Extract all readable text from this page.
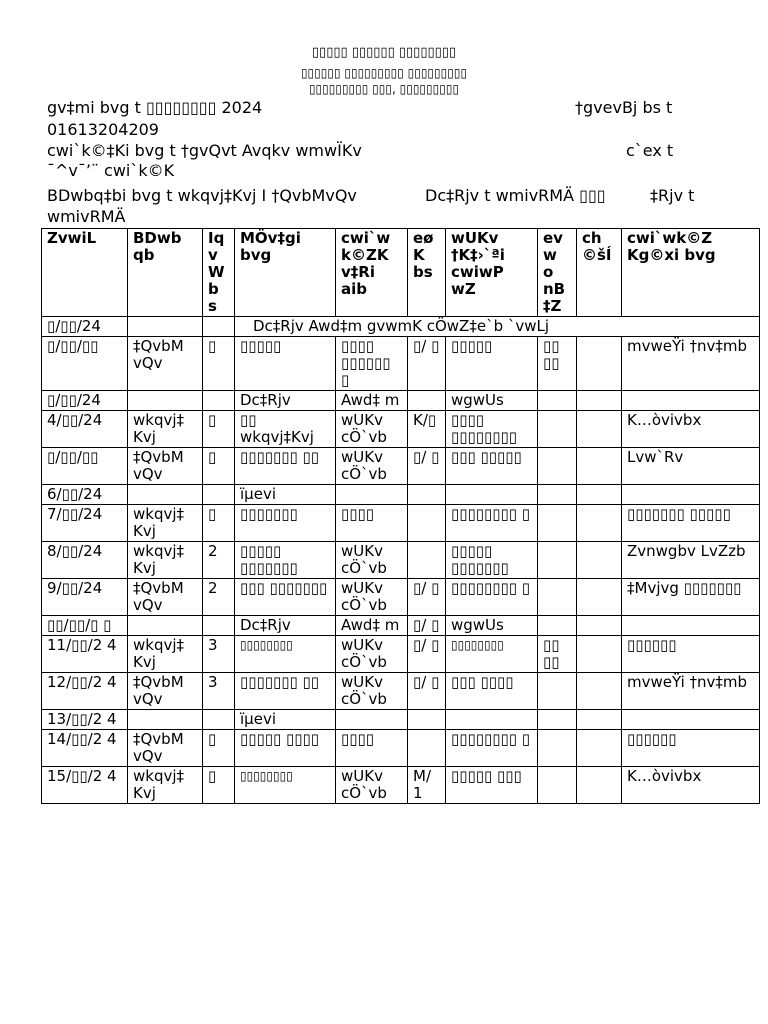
▯▯▯▯▯ ▯▯▯▯▯▯ ▯▯▯▯▯▯▯▯
▯▯▯▯▯▯ ▯▯▯▯▯▯▯▯▯ ▯▯▯▯▯▯▯▯▯
▯▯▯▯▯▯▯▯▯ ▯▯▯, ▯▯▯▯▯▯▯▯▯
gv‡mi bvg t ▯▯▯▯▯▯▯▯ 2024	†gvevBj bs t
01613204209
cwi`k©‡Ki bvg t †gvQvt Avqkv wmwÏKv	c`ex t
¯^v¯’¨ cwi`k©K
BDwbq‡bi bvg t wkqvj‡Kvj I †QvbMvQv	Dc‡Rjv t wmivRMÄ ▯▯▯	‡Rjv t
wmivRMÄ
ZvwiL	BDwb qb	Iq v W b s	MÖv‡gi bvg	cwi`w k©ZK v‡Ri aib	eø K bs	wUKv †K‡›`ªi cwiwP wZ	ev w o nB ‡Z	ch ©šÍ	cwi`wk©Z Kg©xi bvg
▯/▯▯/24			Dc‡Rjv Awd‡m gvwmK cÖwZ‡e`b `vwLj						
▯/▯▯/▯▯	‡QvbM vQv	▯	▯▯▯▯▯	▯▯▯▯ ▯▯▯▯▯▯ ▯	▯/ ▯	▯▯▯▯▯	▯▯ ▯▯		mvweŸi †nv‡mb
▯/▯▯/24			Dc‡Rjv	Awd‡ m		wgwUs			
4/▯▯/24	wkqvj‡ Kvj	▯	▯▯ wkqvj‡Kvj	wUKv cÖ`vb	K/▯	▯▯▯▯ ▯▯▯▯▯▯▯▯			K…òvivbx
▯/▯▯/▯▯	‡QvbM vQv	▯	▯▯▯▯▯▯▯ ▯▯	wUKv cÖ`vb	▯/ ▯	▯▯▯ ▯▯▯▯▯			Lvw`Rv
6/▯▯/24			ïµevi						
7/▯▯/24	wkqvj‡ Kvj	▯	▯▯▯▯▯▯▯	▯▯▯▯		▯▯▯▯▯▯▯▯ ▯			▯▯▯▯▯▯▯ ▯▯▯▯▯
8/▯▯/24	wkqvj‡ Kvj	2	▯▯▯▯▯ ▯▯▯▯▯▯▯	wUKv cÖ`vb		▯▯▯▯▯ ▯▯▯▯▯▯▯			Zvnwgbv LvZzb
9/▯▯/24	‡QvbM vQv	2	▯▯▯ ▯▯▯▯▯▯▯	wUKv cÖ`vb	▯/ ▯	▯▯▯▯▯▯▯▯ ▯			‡Mvjvg ▯▯▯▯▯▯▯
▯▯/▯▯/▯ ▯			Dc‡Rjv	Awd‡ m	▯/ ▯	wgwUs			
11/▯▯/2 4	wkqvj‡ Kvj	3	▯▯▯▯▯▯▯▯	wUKv cÖ`vb	▯/ ▯	▯▯▯▯▯▯▯▯	▯▯ ▯▯		▯▯▯▯▯▯
12/▯▯/2 4	‡QvbM vQv	3	▯▯▯▯▯▯▯ ▯▯	wUKv cÖ`vb	▯/ ▯	▯▯▯ ▯▯▯▯			mvweŸi †nv‡mb
13/▯▯/2 4			ïµevi						
14/▯▯/2 4	‡QvbM vQv	▯	▯▯▯▯▯ ▯▯▯▯	▯▯▯▯		▯▯▯▯▯▯▯▯ ▯			▯▯▯▯▯▯
15/▯▯/2 4	wkqvj‡ Kvj	▯	▯▯▯▯▯▯▯▯	wUKv cÖ`vb	M/ 1	▯▯▯▯▯ ▯▯▯			K…òvivbx
